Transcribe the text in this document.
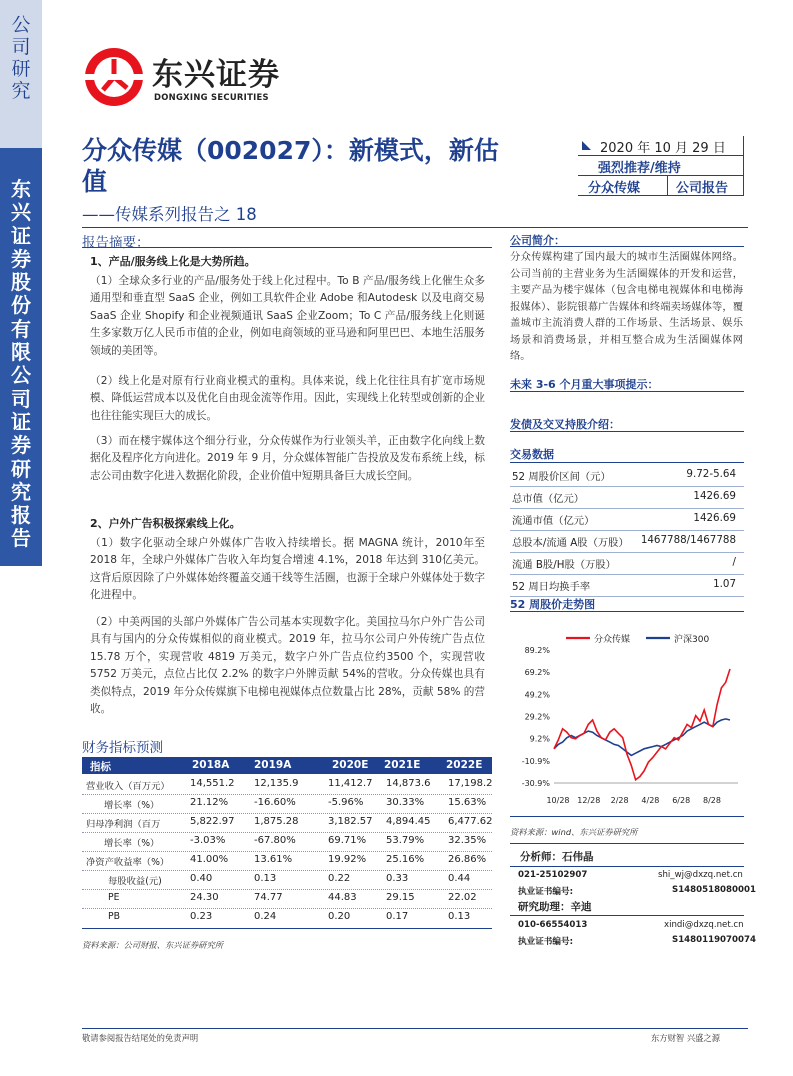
公司研究
东兴证券股份有限公司证券研究报告
东兴证券
DONGXING SECURITIES
分众传媒（002027）：新模式，新估值
——传媒系列报告之 18
2020 年 10 月 29 日
强烈推荐/维持
分众传媒	公司报告
报告摘要：
1、产品/服务线上化是大势所趋。
（1）全球众多行业的产品/服务处于线上化过程中。To B 产品/服务线上化催生众多通用型和垂直型 SaaS 企业，例如工具软件企业 Adobe 和Autodesk 以及电商交易 SaaS 企业 Shopify 和企业视频通讯 SaaS 企业Zoom；To C 产品/服务线上化则诞生多家数万亿人民币市值的企业，例如电商领域的亚马逊和阿里巴巴、本地生活服务领域的美团等。
（2）线上化是对原有行业商业模式的重构。具体来说，线上化往往具有扩宽市场规模、降低运营成本以及优化自由现金流等作用。因此，实现线上化转型或创新的企业也往往能实现巨大的成长。
（3）而在楼宇媒体这个细分行业，分众传媒作为行业领头羊，正由数字化向线上数据化及程序化方向进化。2019 年 9 月，分众媒体智能广告投放及发布系统上线，标志公司由数字化进入数据化阶段，企业价值中短期具备巨大成长空间。
2、户外广告积极探索线上化。
（1）数字化驱动全球户外媒体广告收入持续增长。据 MAGNA 统计，2010年至 2018 年，全球户外媒体广告收入年均复合增速 4.1%，2018 年达到 310亿美元。这背后原因除了户外媒体始终覆盖交通干线等生活圈，也源于全球户外媒体处于数字化进程中。
（2）中美两国的头部户外媒体广告公司基本实现数字化。美国拉马尔户外广告公司具有与国内的分众传媒相似的商业模式。2019 年，拉马尔公司户外传统广告点位 15.78 万个，实现营收 4819 万美元，数字户外广告点位约3500 个，实现营收 5752 万美元，点位占比仅 2.2% 的数字户外牌贡献 54%的营收。分众传媒也具有类似特点，2019 年分众传媒旗下电梯电视媒体点位数量占比 28%，贡献 58% 的营收。
财务指标预测
指标	2018A 2019A	2020E 2021E 2022E
营业收入（百万元） 14,551.2 12,135.9	11,412.7 14,873.6 17,198.2
增长率（%）	21.12%	-16.60%	-5.96% 30.33% 15.63%
归母净利润（百万	5,822.97 1,875.28	3,182.57 4,894.45 6,477.62
增长率（%）	-3.03%	-67.80%	69.71% 53.79% 32.35%
净资产收益率（%） 41.00%	13.61%	19.92% 25.16% 26.86%
每股收益(元)	0.40	0.13	0.22	0.33	0.44
PE	24.30	74.77	44.83	29.15	22.02
PB	0.23	0.24	0.20	0.17	0.13
资料来源：公司财报、东兴证券研究所
公司简介：
分众传媒构建了国内最大的城市生活圈媒体网络。公司当前的主营业务为生活圈媒体的开发和运营，主要产品为楼宇媒体（包含电梯电视媒体和电梯海报媒体）、影院银幕广告媒体和终端卖场媒体等，覆盖城市主流消费人群的工作场景、生活场景、娱乐场景和消费场景，并相互整合成为生活圈媒体网络。
未来 3-6 个月重大事项提示：
发债及交叉持股介绍：
交易数据
52 周股价区间（元）	9.72-5.64
总市值（亿元）	1426.69
流通市值（亿元）	1426.69
总股本/流通 A股（万股） 1467788/1467788
流通 B股/H股（万股）	/
52 周日均换手率	1.07
52 周股价走势图
分众传媒	沪深300
89.2%
69.2%
49.2%
29.2%
9.2%
-10.9%
-30.9%
10/28 12/28 2/28 4/28 6/28 8/28
资料来源：wind、东兴证券研究所
分析师：石伟晶
021-25102907	shi_wj@dxzq.net.cn
执业证书编号:	S1480518080001
研究助理：辛迪
010-66554013	xindi@dxzq.net.cn
执业证书编号:	S1480119070074
敬请参阅报告结尾处的免责声明	东方财智 兴盛之源
